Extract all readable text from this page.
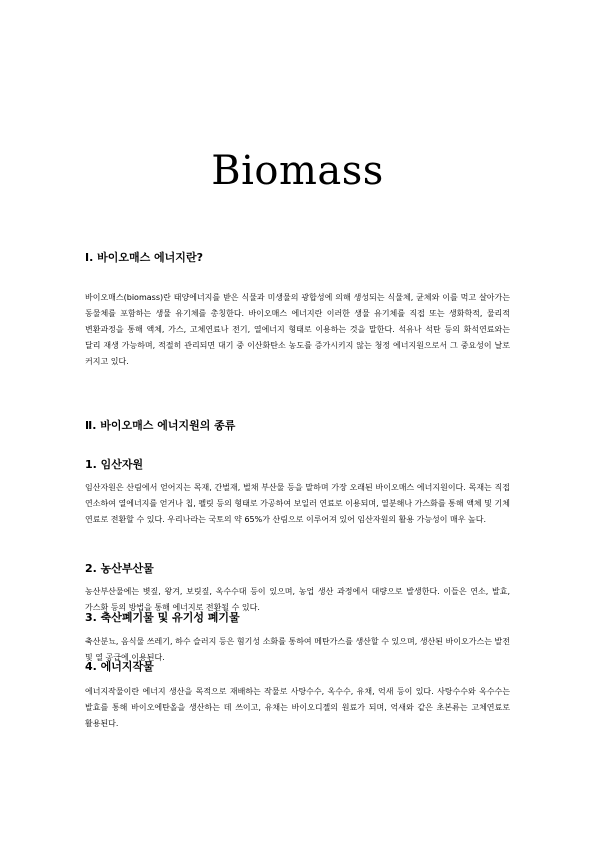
Biomass
Ⅰ. 바이오매스 에너지란?

바이오매스(biomass)란 태양에너지를 받은 식물과 미생물의 광합성에 의해 생성되는 식물체, 균체와 이를 먹고 살아가는 동물체를 포함하는 생물 유기체를 총칭한다. 바이오매스 에너지란 이러한 생물 유기체를 직접 또는 생화학적, 물리적 변환과정을 통해 액체, 가스, 고체연료나 전기, 열에너지 형태로 이용하는 것을 말한다. 석유나 석탄 등의 화석연료와는 달리 재생 가능하며, 적절히 관리되면 대기 중 이산화탄소 농도를 증가시키지 않는 청정 에너지원으로서 그 중요성이 날로 커지고 있다.

Ⅱ. 바이오매스 에너지원의 종류
1. 임산자원

임산자원은 산림에서 얻어지는 목재, 간벌재, 벌채 부산물 등을 말하며 가장 오래된 바이오매스 에너지원이다. 목재는 직접 연소하여 열에너지를 얻거나 칩, 펠릿 등의 형태로 가공하여 보일러 연료로 이용되며, 열분해나 가스화를 통해 액체 및 기체 연료로 전환할 수 있다. 우리나라는 국토의 약 65%가 산림으로 이루어져 있어 임산자원의 활용 가능성이 매우 높다.

2. 농산부산물

농산부산물에는 볏짚, 왕겨, 보릿짚, 옥수수대 등이 있으며, 농업 생산 과정에서 대량으로 발생한다. 이들은 연소, 발효, 가스화 등의 방법을 통해 에너지로 전환될 수 있다.

3. 축산폐기물 및 유기성 폐기물

축산분뇨, 음식물 쓰레기, 하수 슬러지 등은 혐기성 소화를 통하여 메탄가스를 생산할 수 있으며, 생산된 바이오가스는 발전 및 열 공급에 이용된다.

4. 에너지작물

에너지작물이란 에너지 생산을 목적으로 재배하는 작물로 사탕수수, 옥수수, 유채, 억새 등이 있다. 사탕수수와 옥수수는 발효를 통해 바이오에탄올을 생산하는 데 쓰이고, 유채는 바이오디젤의 원료가 되며, 억새와 같은 초본류는 고체연료로 활용된다.
